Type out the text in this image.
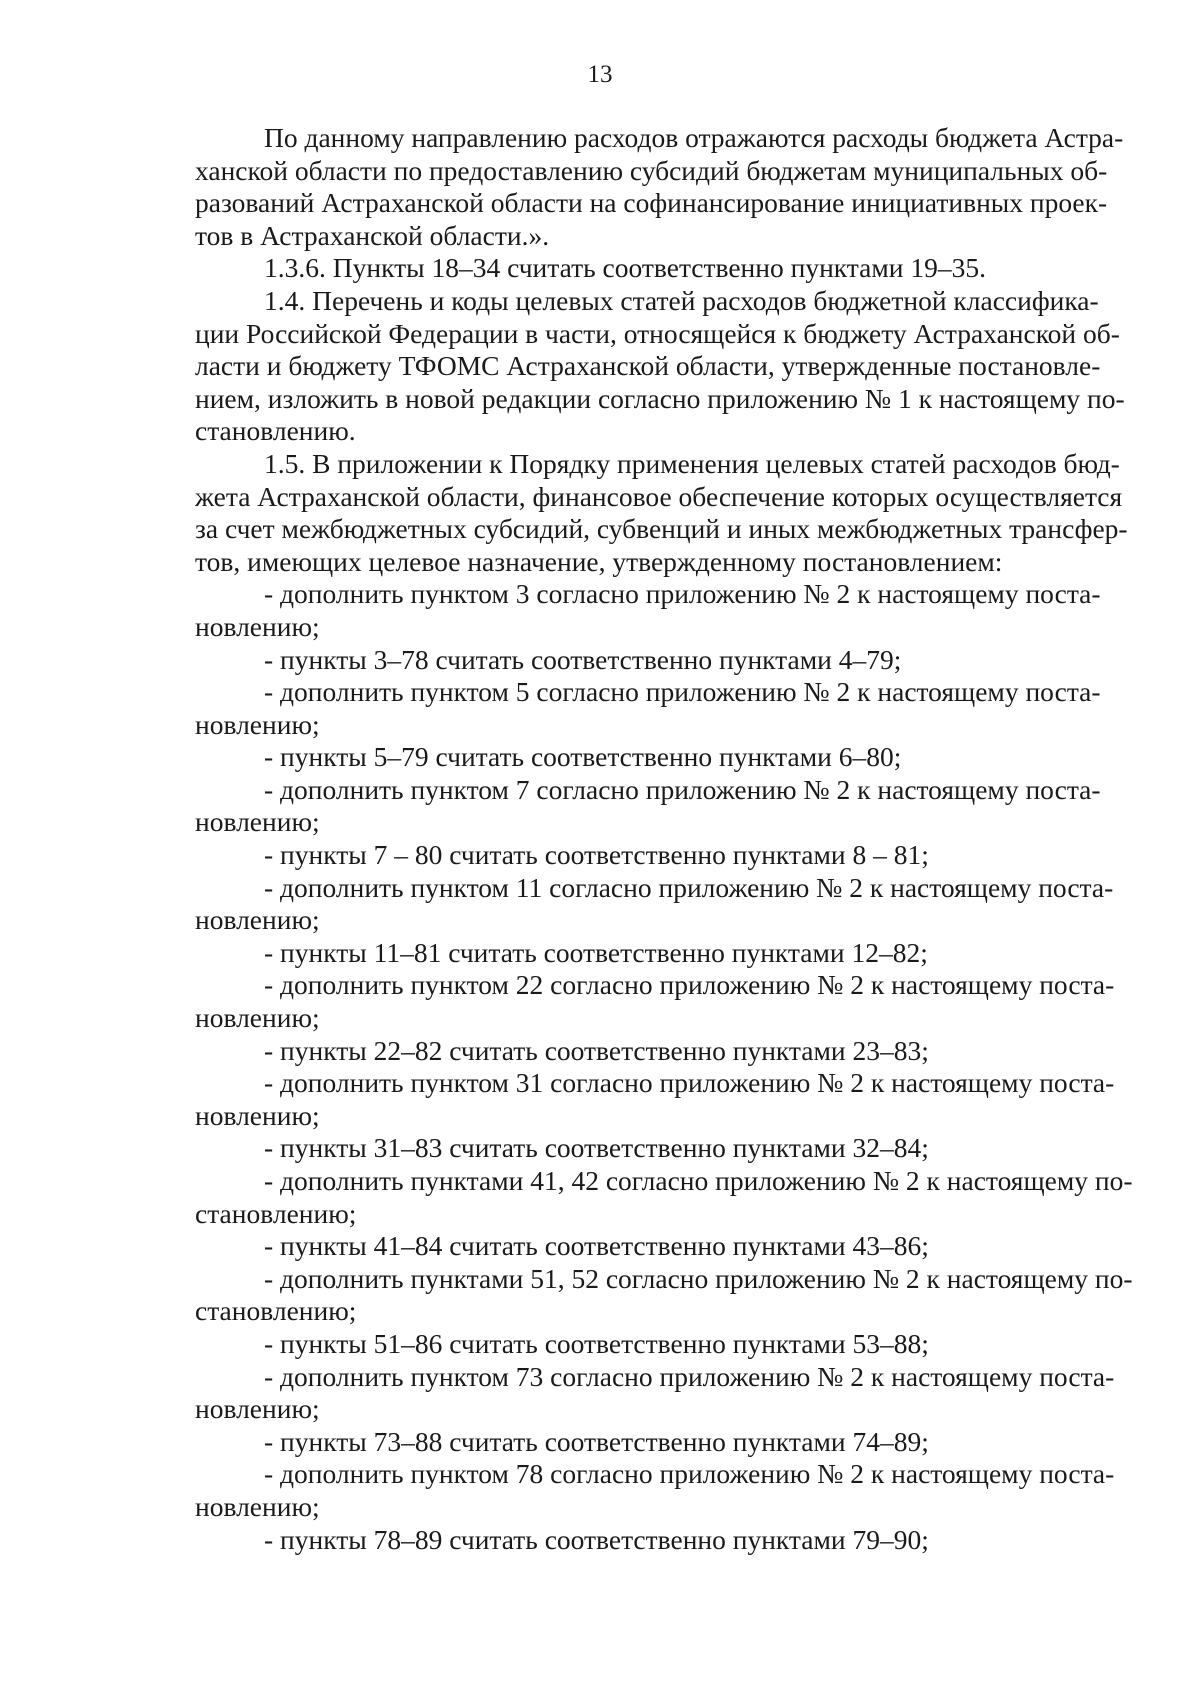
13
По данному направлению расходов отражаются расходы бюджета Астра-
ханской области по предоставлению субсидий бюджетам муниципальных об-
разований Астраханской области на софинансирование инициативных проек-
тов в Астраханской области.».
1.3.6. Пункты 18–34 считать соответственно пунктами 19–35.
1.4. Перечень и коды целевых статей расходов бюджетной классифика-
ции Российской Федерации в части, относящейся к бюджету Астраханской об-
ласти и бюджету ТФОМС Астраханской области, утвержденные постановле-
нием, изложить в новой редакции согласно приложению № 1 к настоящему по-
становлению.
1.5. В приложении к Порядку применения целевых статей расходов бюд-
жета Астраханской области, финансовое обеспечение которых осуществляется
за счет межбюджетных субсидий, субвенций и иных межбюджетных трансфер-
тов, имеющих целевое назначение, утвержденному постановлением:
- дополнить пунктом 3 согласно приложению № 2 к настоящему поста-
новлению;
- пункты 3–78 считать соответственно пунктами 4–79;
- дополнить пунктом 5 согласно приложению № 2 к настоящему поста-
новлению;
- пункты 5–79 считать соответственно пунктами 6–80;
- дополнить пунктом 7 согласно приложению № 2 к настоящему поста-
новлению;
- пункты 7 – 80 считать соответственно пунктами 8 – 81;
- дополнить пунктом 11 согласно приложению № 2 к настоящему поста-
новлению;
- пункты 11–81 считать соответственно пунктами 12–82;
- дополнить пунктом 22 согласно приложению № 2 к настоящему поста-
новлению;
- пункты 22–82 считать соответственно пунктами 23–83;
- дополнить пунктом 31 согласно приложению № 2 к настоящему поста-
новлению;
- пункты 31–83 считать соответственно пунктами 32–84;
- дополнить пунктами 41, 42 согласно приложению № 2 к настоящему по-
становлению;
- пункты 41–84 считать соответственно пунктами 43–86;
- дополнить пунктами 51, 52 согласно приложению № 2 к настоящему по-
становлению;
- пункты 51–86 считать соответственно пунктами 53–88;
- дополнить пунктом 73 согласно приложению № 2 к настоящему поста-
новлению;
- пункты 73–88 считать соответственно пунктами 74–89;
- дополнить пунктом 78 согласно приложению № 2 к настоящему поста-
новлению;
- пункты 78–89 считать соответственно пунктами 79–90;
